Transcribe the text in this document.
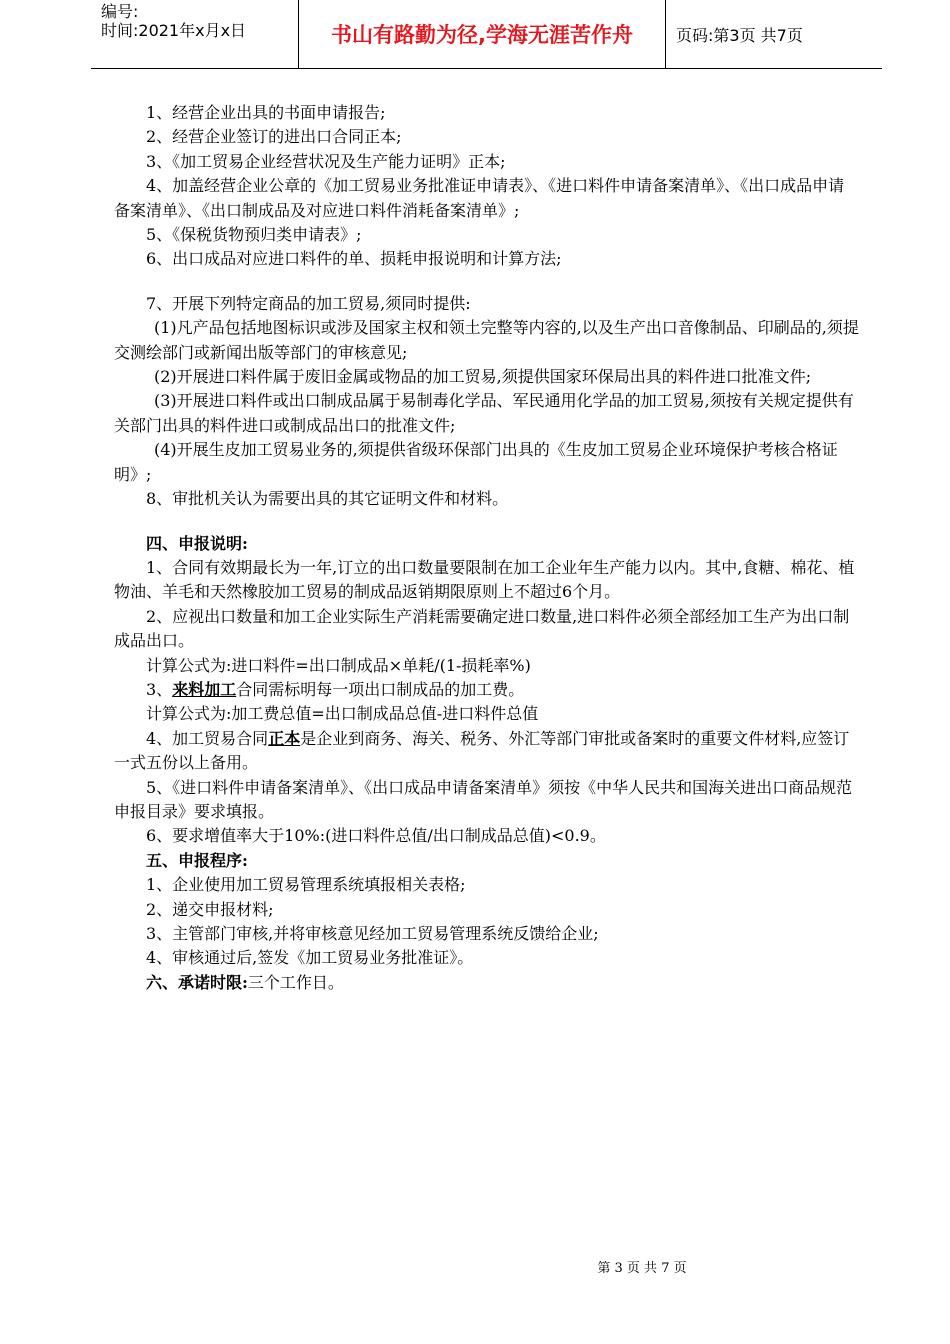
编号:
时间:2021年x月x日	书山有路勤为径,学海无涯苦作舟	页码:第3页 共7页

1、经营企业出具的书面申请报告;

2、经营企业签订的进出口合同正本;

3、《加工贸易企业经营状况及生产能力证明》正本;

4、加盖经营企业公章的《加工贸易业务批准证申请表》、《进口料件申请备案清单》、《出口成品申请备案清单》、《出口制成品及对应进口料件消耗备案清单》;

5、《保税货物预归类申请表》;

6、出口成品对应进口料件的单、损耗申报说明和计算方法;

7、开展下列特定商品的加工贸易,须同时提供:

(1)凡产品包括地图标识或涉及国家主权和领土完整等内容的,以及生产出口音像制品、印刷品的,须提交测绘部门或新闻出版等部门的审核意见;

(2)开展进口料件属于废旧金属或物品的加工贸易,须提供国家环保局出具的料件进口批准文件;

(3)开展进口料件或出口制成品属于易制毒化学品、军民通用化学品的加工贸易,须按有关规定提供有关部门出具的料件进口或制成品出口的批准文件;

(4)开展生皮加工贸易业务的,须提供省级环保部门出具的《生皮加工贸易企业环境保护考核合格证明》;

8、审批机关认为需要出具的其它证明文件和材料。

四、申报说明:

1、合同有效期最长为一年,订立的出口数量要限制在加工企业年生产能力以内。其中,食糖、棉花、植物油、羊毛和天然橡胶加工贸易的制成品返销期限原则上不超过6个月。

2、应视出口数量和加工企业实际生产消耗需要确定进口数量,进口料件必须全部经加工生产为出口制成品出口。

计算公式为:进口料件=出口制成品×单耗/(1-损耗率%)

3、来料加工合同需标明每一项出口制成品的加工费。

计算公式为:加工费总值=出口制成品总值-进口料件总值

4、加工贸易合同正本是企业到商务、海关、税务、外汇等部门审批或备案时的重要文件材料,应签订一式五份以上备用。

5、《进口料件申请备案清单》、《出口成品申请备案清单》须按《中华人民共和国海关进出口商品规范申报目录》要求填报。

6、要求增值率大于10%:(进口料件总值/出口制成品总值)<0.9。

五、申报程序:

1、企业使用加工贸易管理系统填报相关表格;

2、递交申报材料;

3、主管部门审核,并将审核意见经加工贸易管理系统反馈给企业;

4、审核通过后,签发《加工贸易业务批准证》。

六、承诺时限:三个工作日。

第 3 页 共 7 页
